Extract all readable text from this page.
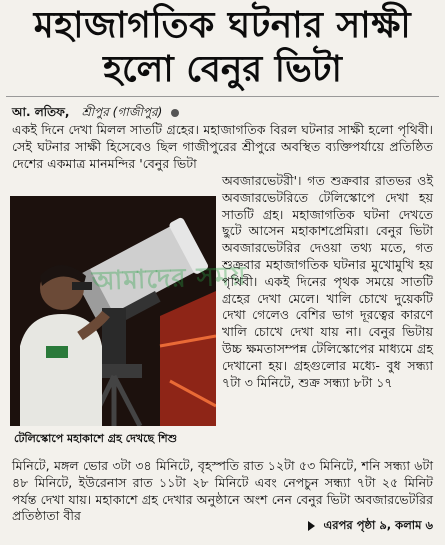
মহাজাগতিক ঘটনার সাক্ষী
হলো বেনুর ভিটা
আ. লতিফ, শ্রীপুর (গাজীপুর)

একই দিনে দেখা মিলল সাতটি গ্রহের। মহাজাগতিক বিরল ঘটনার সাক্ষী হলো পৃথিবী। সেই ঘটনার সাক্ষী হিসেবেও ছিল গাজীপুরের শ্রীপুরে অবস্থিত ব্যক্তিপর্যায়ে প্রতিষ্ঠিত দেশের একমাত্র মানমন্দির 'বেনুর ভিটা

আমাদের সময়
টেলিস্কোপে মহাকাশে গ্রহ দেখছে শিশু

অবজারভেটরী'। গত শুক্রবার রাতভর ওই অবজারভেটরিতে টেলিস্কোপে দেখা হয় সাতটি গ্রহ। মহাজাগতিক ঘটনা দেখতে ছুটে আসেন মহাকাশপ্রেমিরা। বেনুর ভিটা অবজারভেটরির দেওয়া তথ্য মতে, গত শুক্রবার মহাজাগতিক ঘটনার মুখোমুখি হয় পৃথিবী। একই দিনের পৃথক সময়ে সাতটি গ্রহের দেখা মেলে। খালি চোখে দুয়েকটি দেখা গেলেও বেশির ভাগ দূরত্বের কারণে খালি চোখে দেখা যায় না। বেনুর ভিটায় উচ্চ ক্ষমতাসম্পন্ন টেলিস্কোপের মাধ্যমে গ্রহ দেখানো হয়। গ্রহগুলোর মধ্যে- বুধ সন্ধ্যা ৭টা ৩ মিনিটে, শুক্র সন্ধ্যা ৮টা ১৭

মিনিটে, মঙ্গল ভোর ৩টা ৩৪ মিনিটে, বৃহস্পতি রাত ১২টা ৫৩ মিনিটে, শনি সন্ধ্যা ৬টা ৪৮ মিনিটে, ইউরেনাস রাত ১১টা ২৮ মিনিটে এবং নেপচুন সন্ধ্যা ৭টা ২৫ মিনিট পর্যন্ত দেখা যায়। মহাকাশে গ্রহ দেখার অনুষ্ঠানে অংশ নেন বেনুর ভিটা অবজারভেটরির প্রতিষ্ঠাতা বীর

এরপর পৃষ্ঠা ৯, কলাম ৬
